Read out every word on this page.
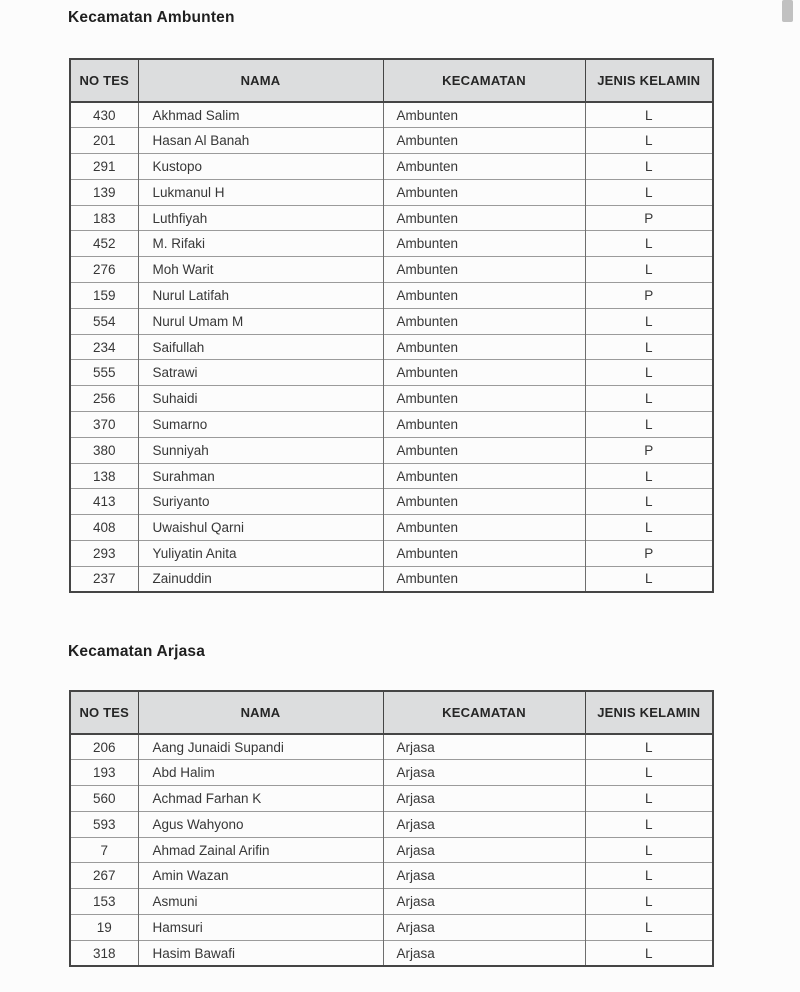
Kecamatan Ambunten
NO TES	NAMA	KECAMATAN	JENIS KELAMIN
430	Akhmad Salim	Ambunten	L
201	Hasan Al Banah	Ambunten	L
291	Kustopo	Ambunten	L
139	Lukmanul H	Ambunten	L
183	Luthfiyah	Ambunten	P
452	M. Rifaki	Ambunten	L
276	Moh Warit	Ambunten	L
159	Nurul Latifah	Ambunten	P
554	Nurul Umam M	Ambunten	L
234	Saifullah	Ambunten	L
555	Satrawi	Ambunten	L
256	Suhaidi	Ambunten	L
370	Sumarno	Ambunten	L
380	Sunniyah	Ambunten	P
138	Surahman	Ambunten	L
413	Suriyanto	Ambunten	L
408	Uwaishul Qarni	Ambunten	L
293	Yuliyatin Anita	Ambunten	P
237	Zainuddin	Ambunten	L
Kecamatan Arjasa
NO TES	NAMA	KECAMATAN	JENIS KELAMIN
206	Aang Junaidi Supandi	Arjasa	L
193	Abd Halim	Arjasa	L
560	Achmad Farhan K	Arjasa	L
593	Agus Wahyono	Arjasa	L
7	Ahmad Zainal Arifin	Arjasa	L
267	Amin Wazan	Arjasa	L
153	Asmuni	Arjasa	L
19	Hamsuri	Arjasa	L
318	Hasim Bawafi	Arjasa	L
